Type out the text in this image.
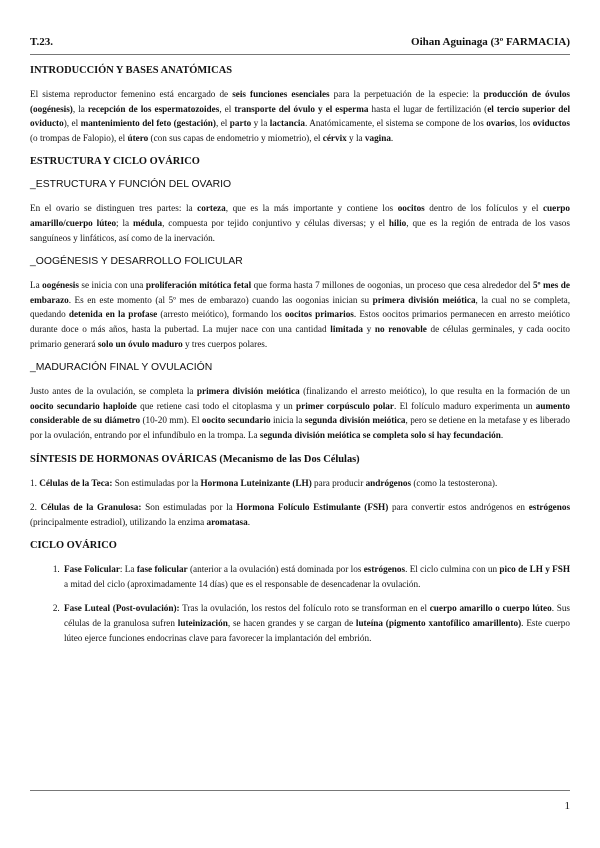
T.23.	Oihan Aguinaga (3º FARMACIA)
INTRODUCCIÓN Y BASES ANATÓMICAS

El sistema reproductor femenino está encargado de seis funciones esenciales para la perpetuación de la especie: la producción de óvulos (oogénesis), la recepción de los espermatozoides, el transporte del óvulo y el esperma hasta el lugar de fertilización (el tercio superior del oviducto), el mantenimiento del feto (gestación), el parto y la lactancia. Anatómicamente, el sistema se compone de los ovarios, los oviductos (o trompas de Falopio), el útero (con sus capas de endometrio y miometrio), el cérvix y la vagina.

ESTRUCTURA Y CICLO OVÁRICO
_ESTRUCTURA Y FUNCIÓN DEL OVARIO

En el ovario se distinguen tres partes: la corteza, que es la más importante y contiene los oocitos dentro de los folículos y el cuerpo amarillo/cuerpo lúteo; la médula, compuesta por tejido conjuntivo y células diversas; y el hilio, que es la región de entrada de los vasos sanguíneos y linfáticos, así como de la inervación.

_OOGÉNESIS Y DESARROLLO FOLICULAR

La oogénesis se inicia con una proliferación mitótica fetal que forma hasta 7 millones de oogonias, un proceso que cesa alrededor del 5º mes de embarazo. Es en este momento (al 5º mes de embarazo) cuando las oogonias inician su primera división meiótica, la cual no se completa, quedando detenida en la profase (arresto meiótico), formando los oocitos primarios. Estos oocitos primarios permanecen en arresto meiótico durante doce o más años, hasta la pubertad. La mujer nace con una cantidad limitada y no renovable de células germinales, y cada oocito primario generará solo un óvulo maduro y tres cuerpos polares.

_MADURACIÓN FINAL Y OVULACIÓN

Justo antes de la ovulación, se completa la primera división meiótica (finalizando el arresto meiótico), lo que resulta en la formación de un oocito secundario haploide que retiene casi todo el citoplasma y un primer corpúsculo polar. El folículo maduro experimenta un aumento considerable de su diámetro (10-20 mm). El oocito secundario inicia la segunda división meiótica, pero se detiene en la metafase y es liberado por la ovulación, entrando por el infundíbulo en la trompa. La segunda división meiótica se completa solo si hay fecundación.

SÍNTESIS DE HORMONAS OVÁRICAS (Mecanismo de las Dos Células)

1. Células de la Teca: Son estimuladas por la Hormona Luteinizante (LH) para producir andrógenos (como la testosterona).

2. Células de la Granulosa: Son estimuladas por la Hormona Folículo Estimulante (FSH) para convertir estos andrógenos en estrógenos (principalmente estradiol), utilizando la enzima aromatasa.

CICLO OVÁRICO
1. Fase Folicular: La fase folicular (anterior a la ovulación) está dominada por los estrógenos. El ciclo culmina con un pico de LH y FSH a mitad del ciclo (aproximadamente 14 días) que es el responsable de desencadenar la ovulación.
2. Fase Luteal (Post-ovulación): Tras la ovulación, los restos del folículo roto se transforman en el cuerpo amarillo o cuerpo lúteo. Sus células de la granulosa sufren luteinización, se hacen grandes y se cargan de luteína (pigmento xantofílico amarillento). Este cuerpo lúteo ejerce funciones endocrinas clave para favorecer la implantación del embrión.
1
